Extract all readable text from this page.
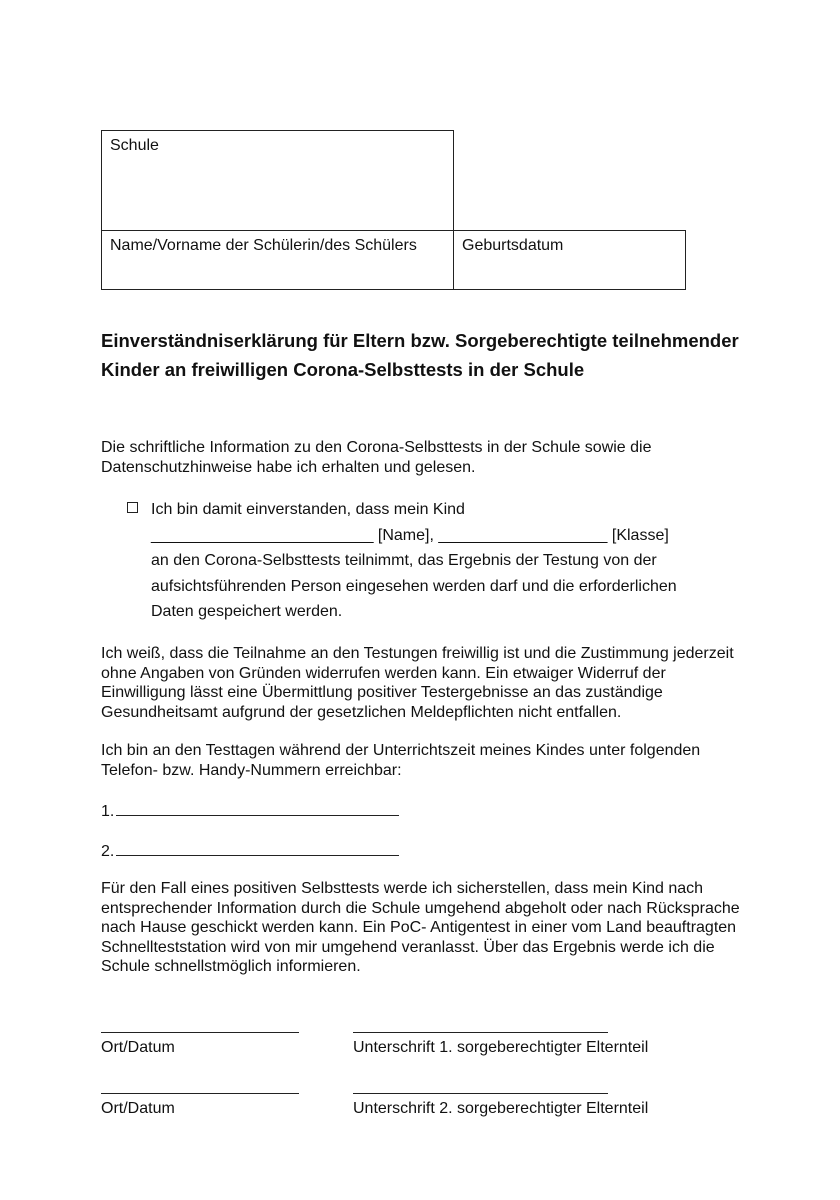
Schule
Name/Vorname der Schülerin/des Schülers	Geburtsdatum
Einverständniserklärung für Eltern bzw. Sorgeberechtigte teilnehmender Kinder an freiwilligen Corona-Selbsttests in der Schule
Die schriftliche Information zu den Corona-Selbsttests in der Schule sowie die Datenschutzhinweise habe ich erhalten und gelesen.
Ich bin damit einverstanden, dass mein Kind
_________________________ [Name], ___________________ [Klasse]
an den Corona-Selbsttests teilnimmt, das Ergebnis der Testung von der
aufsichtsführenden Person eingesehen werden darf und die erforderlichen
Daten gespeichert werden.
Ich weiß, dass die Teilnahme an den Testungen freiwillig ist und die Zustimmung jederzeit ohne Angaben von Gründen widerrufen werden kann. Ein etwaiger Widerruf der Einwilligung lässt eine Übermittlung positiver Testergebnisse an das zuständige Gesundheitsamt aufgrund der gesetzlichen Meldepflichten nicht entfallen.
Ich bin an den Testtagen während der Unterrichtszeit meines Kindes unter folgenden Telefon- bzw. Handy-Nummern erreichbar:
1.
2.
Für den Fall eines positiven Selbsttests werde ich sicherstellen, dass mein Kind nach entsprechender Information durch die Schule umgehend abgeholt oder nach Rücksprache nach Hause geschickt werden kann. Ein PoC- Antigentest in einer vom Land beauftragten Schnellteststation wird von mir umgehend veranlasst. Über das Ergebnis werde ich die Schule schnellstmöglich informieren.
Ort/Datum	Unterschrift 1. sorgeberechtigter Elternteil
Ort/Datum	Unterschrift 2. sorgeberechtigter Elternteil
